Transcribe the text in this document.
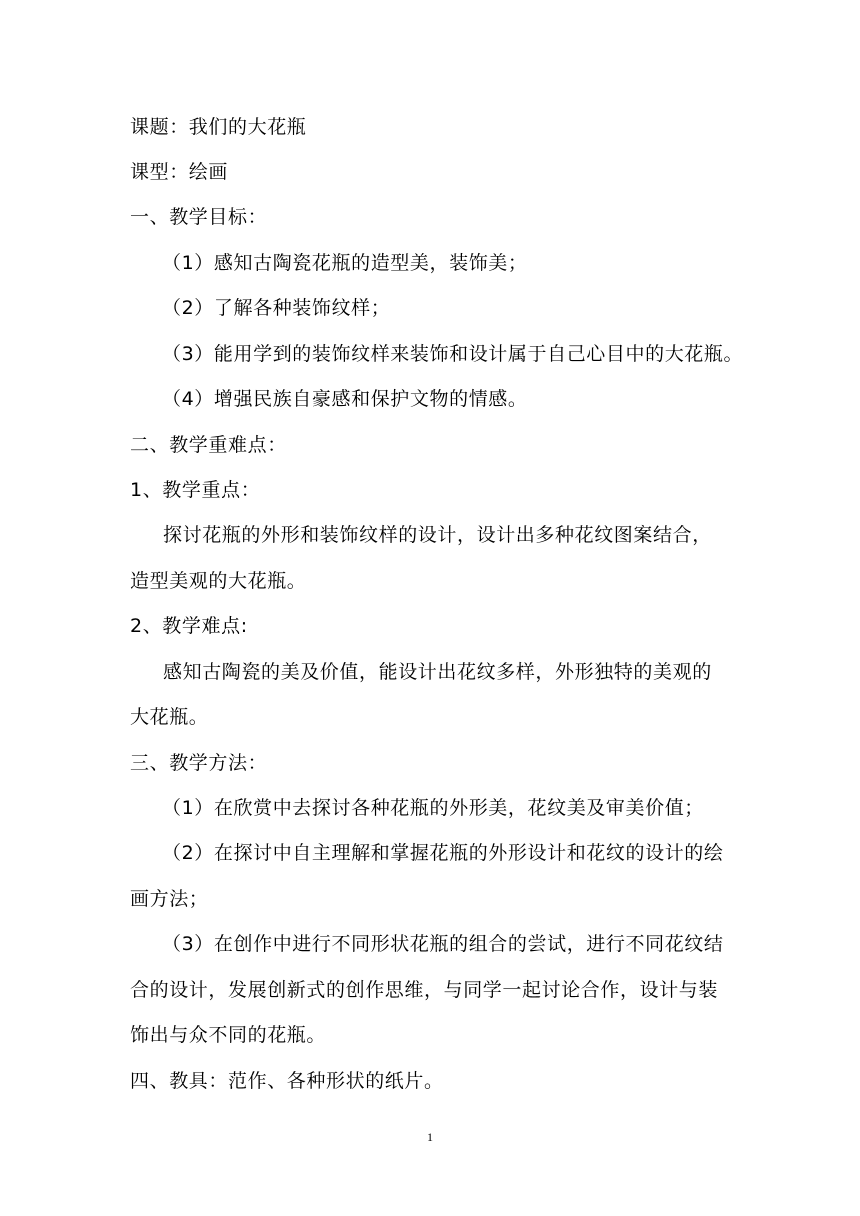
课题：我们的大花瓶
课型：绘画
一、教学目标：
（1）感知古陶瓷花瓶的造型美，装饰美；
（2）了解各种装饰纹样；
（3）能用学到的装饰纹样来装饰和设计属于自己心目中的大花瓶。
（4）增强民族自豪感和保护文物的情感。
二、教学重难点：
1、教学重点：
探讨花瓶的外形和装饰纹样的设计，设计出多种花纹图案结合，
造型美观的大花瓶。
2、教学难点:
感知古陶瓷的美及价值，能设计出花纹多样，外形独特的美观的
大花瓶。
三、教学方法：
（1）在欣赏中去探讨各种花瓶的外形美，花纹美及审美价值；
（2）在探讨中自主理解和掌握花瓶的外形设计和花纹的设计的绘
画方法；
（3）在创作中进行不同形状花瓶的组合的尝试，进行不同花纹结
合的设计，发展创新式的创作思维，与同学一起讨论合作，设计与装
饰出与众不同的花瓶。
四、教具：范作、各种形状的纸片。
1
